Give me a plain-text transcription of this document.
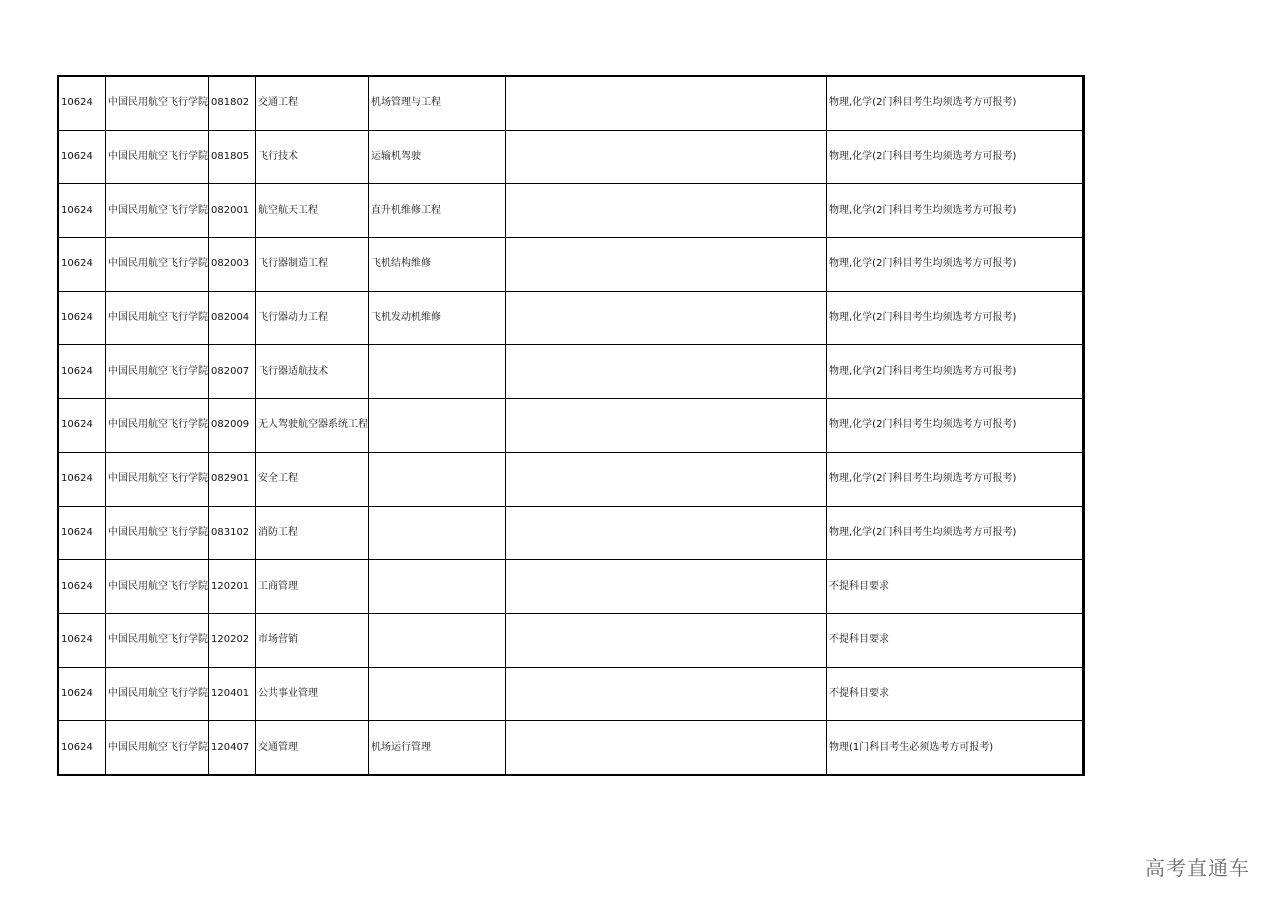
10624	中国民用航空飞行学院	081802	交通工程	机场管理与工程		物理,化学(2门科目考生均须选考方可报考)
10624	中国民用航空飞行学院	081805	飞行技术	运输机驾驶		物理,化学(2门科目考生均须选考方可报考)
10624	中国民用航空飞行学院	082001	航空航天工程	直升机维修工程		物理,化学(2门科目考生均须选考方可报考)
10624	中国民用航空飞行学院	082003	飞行器制造工程	飞机结构维修		物理,化学(2门科目考生均须选考方可报考)
10624	中国民用航空飞行学院	082004	飞行器动力工程	飞机发动机维修		物理,化学(2门科目考生均须选考方可报考)
10624	中国民用航空飞行学院	082007	飞行器适航技术			物理,化学(2门科目考生均须选考方可报考)
10624	中国民用航空飞行学院	082009	无人驾驶航空器系统工程			物理,化学(2门科目考生均须选考方可报考)
10624	中国民用航空飞行学院	082901	安全工程			物理,化学(2门科目考生均须选考方可报考)
10624	中国民用航空飞行学院	083102	消防工程			物理,化学(2门科目考生均须选考方可报考)
10624	中国民用航空飞行学院	120201	工商管理			不提科目要求
10624	中国民用航空飞行学院	120202	市场营销			不提科目要求
10624	中国民用航空飞行学院	120401	公共事业管理			不提科目要求
10624	中国民用航空飞行学院	120407	交通管理	机场运行管理		物理(1门科目考生必须选考方可报考)
高考直通车
